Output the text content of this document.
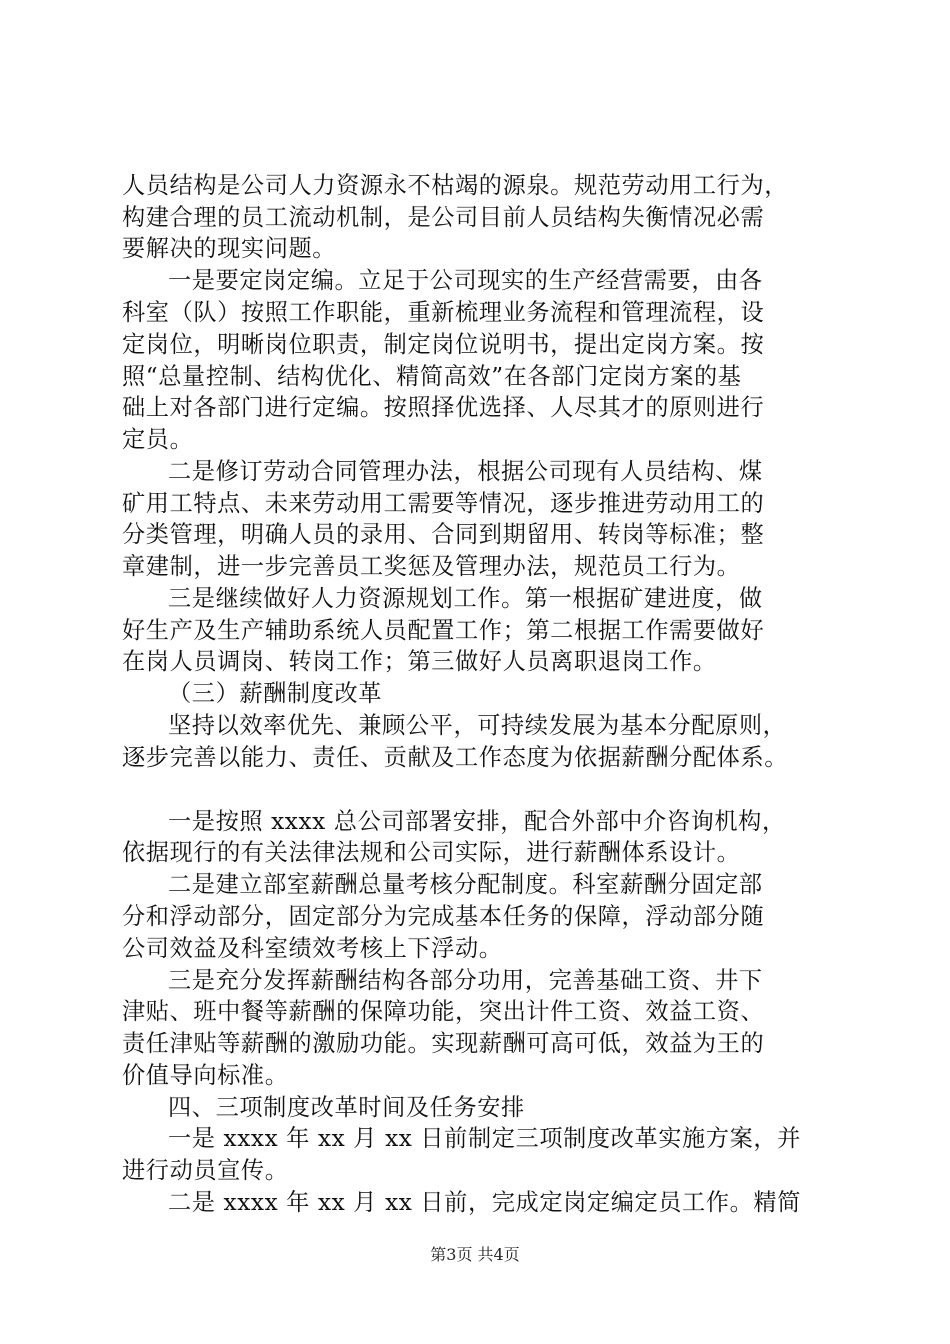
人员结构是公司人力资源永不枯竭的源泉。规范劳动用工行为，
构建合理的员工流动机制，是公司目前人员结构失衡情况必需
要解决的现实问题。
一是要定岗定编。立足于公司现实的生产经营需要，由各
科室（队）按照工作职能，重新梳理业务流程和管理流程，设
定岗位，明晰岗位职责，制定岗位说明书，提出定岗方案。按
照“总量控制、结构优化、精简高效”在各部门定岗方案的基
础上对各部门进行定编。按照择优选择、人尽其才的原则进行
定员。
二是修订劳动合同管理办法，根据公司现有人员结构、煤
矿用工特点、未来劳动用工需要等情况，逐步推进劳动用工的
分类管理，明确人员的录用、合同到期留用、转岗等标准；整
章建制，进一步完善员工奖惩及管理办法，规范员工行为。
三是继续做好人力资源规划工作。第一根据矿建进度，做
好生产及生产辅助系统人员配置工作；第二根据工作需要做好
在岗人员调岗、转岗工作；第三做好人员离职退岗工作。
（三）薪酬制度改革
坚持以效率优先、兼顾公平，可持续发展为基本分配原则，
逐步完善以能力、责任、贡献及工作态度为依据薪酬分配体系。
一是按照 xxxx 总公司部署安排，配合外部中介咨询机构，
依据现行的有关法律法规和公司实际，进行薪酬体系设计。
二是建立部室薪酬总量考核分配制度。科室薪酬分固定部
分和浮动部分，固定部分为完成基本任务的保障，浮动部分随
公司效益及科室绩效考核上下浮动。
三是充分发挥薪酬结构各部分功用，完善基础工资、井下
津贴、班中餐等薪酬的保障功能，突出计件工资、效益工资、
责任津贴等薪酬的激励功能。实现薪酬可高可低，效益为王的
价值导向标准。
四、三项制度改革时间及任务安排
一是 xxxx 年 xx 月 xx 日前制定三项制度改革实施方案，并
进行动员宣传。
二是 xxxx 年 xx 月 xx 日前，完成定岗定编定员工作。精简
第3页 共4页
